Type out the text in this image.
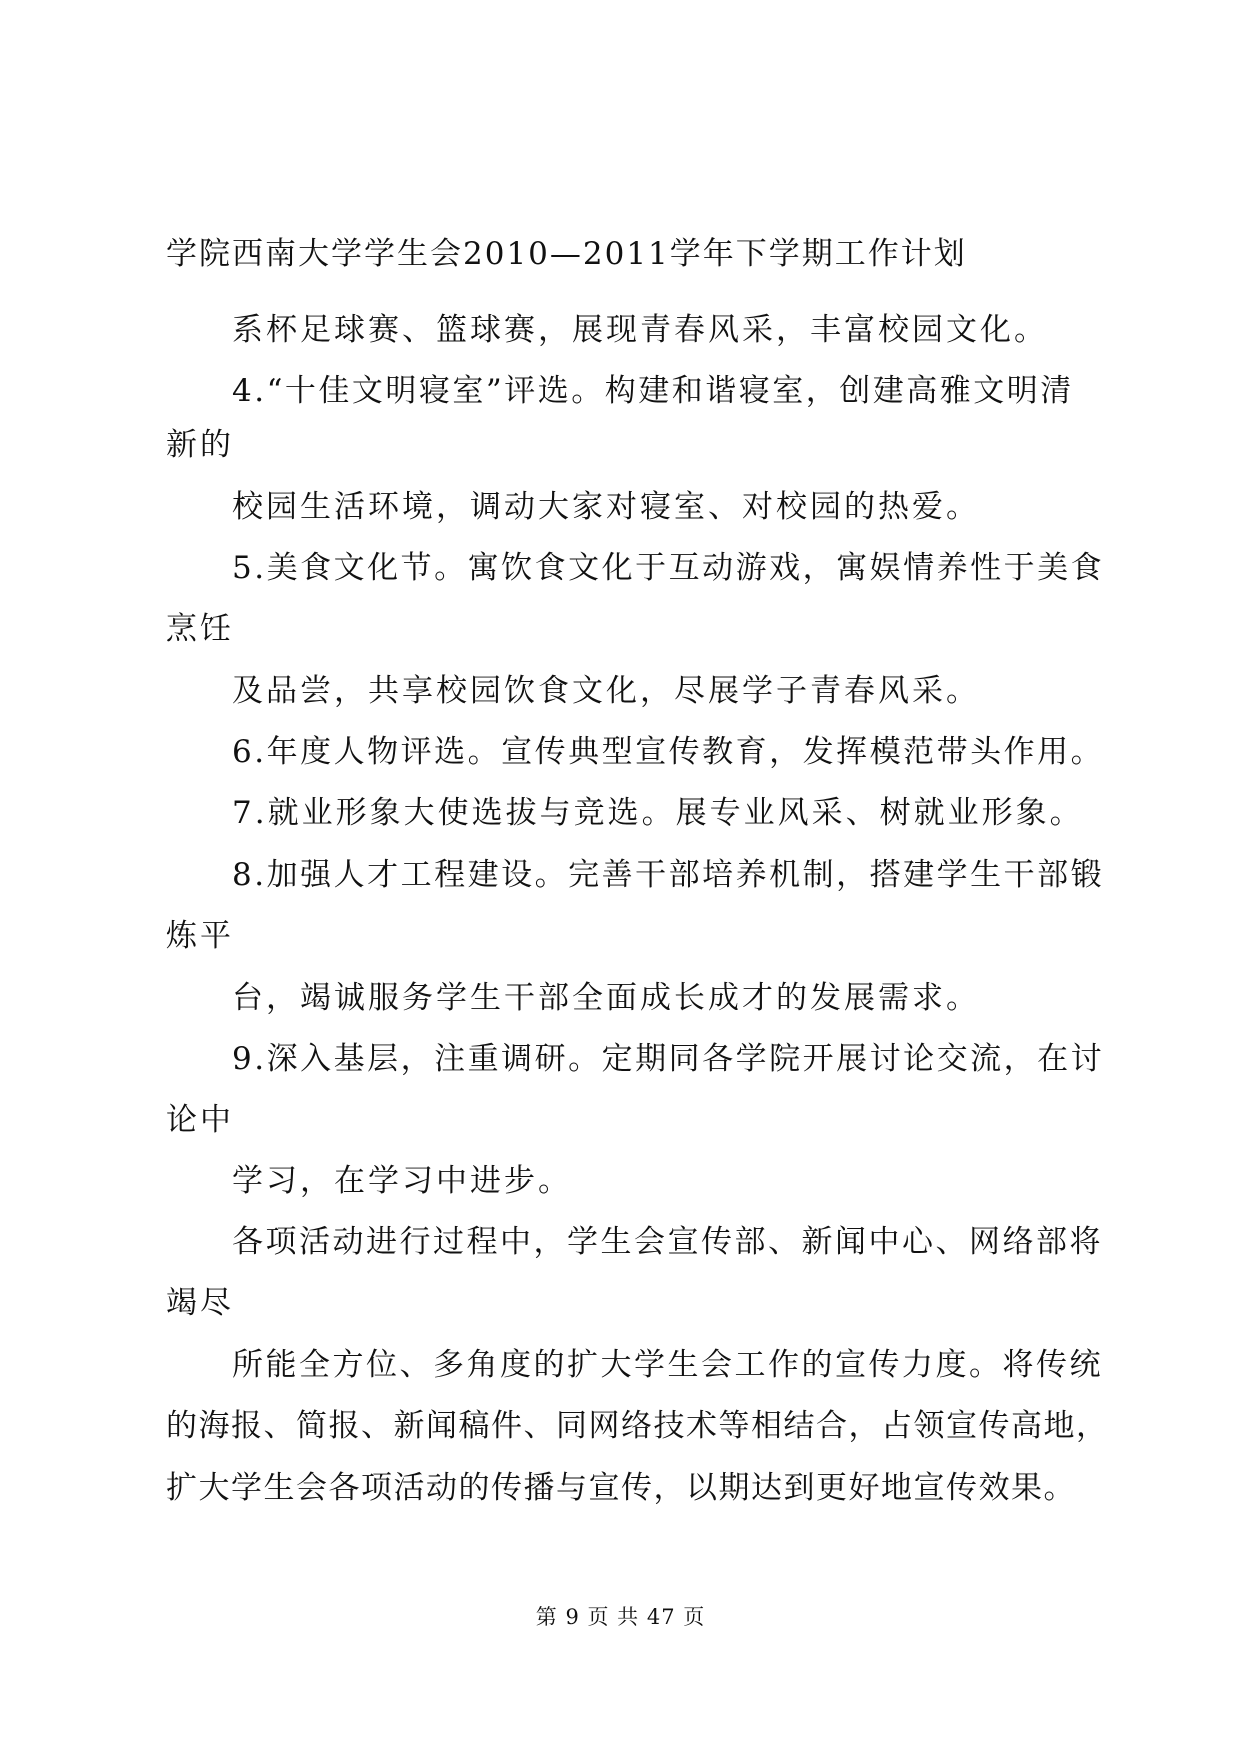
学院西南大学学生会2010—2011学年下学期工作计划
系杯足球赛、篮球赛，展现青春风采，丰富校园文化。
4.“十佳文明寝室”评选。构建和谐寝室，创建高雅文明清
新的
校园生活环境，调动大家对寝室、对校园的热爱。
5.美食文化节。寓饮食文化于互动游戏，寓娱情养性于美食
烹饪
及品尝，共享校园饮食文化，尽展学子青春风采。
6.年度人物评选。宣传典型宣传教育，发挥模范带头作用。
7.就业形象大使选拔与竞选。展专业风采、树就业形象。
8.加强人才工程建设。完善干部培养机制，搭建学生干部锻
炼平
台，竭诚服务学生干部全面成长成才的发展需求。
9.深入基层，注重调研。定期同各学院开展讨论交流，在讨
论中
学习，在学习中进步。
各项活动进行过程中，学生会宣传部、新闻中心、网络部将
竭尽
所能全方位、多角度的扩大学生会工作的宣传力度。将传统
的海报、简报、新闻稿件、同网络技术等相结合，占领宣传高地，
扩大学生会各项活动的传播与宣传，以期达到更好地宣传效果。
第 9 页 共 47 页
